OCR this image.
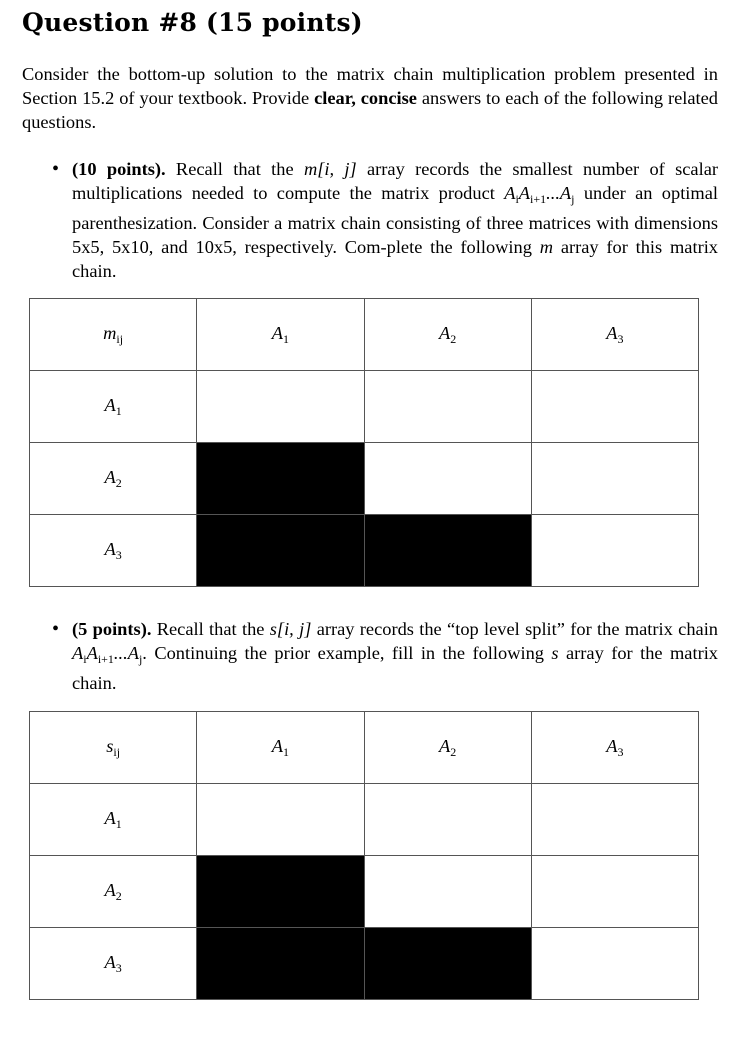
Question #8 (15 points)

Consider the bottom-up solution to the matrix chain multiplication problem presented in Section 15.2 of your textbook. Provide clear, concise answers to each of the following related questions.

• (10 points). Recall that the m[i, j] array records the smallest number of scalar multiplications needed to compute the matrix product $A_iA_{i+1}...A_j$ under an optimal parenthesization. Consider a matrix chain consisting of three matrices with dimensions 5x5, 5x10, and 10x5, respectively. Com-plete the following m array for this matrix chain.

$m_{ij}$	$A_1$	$A_2$	$A_3$
$A_1$			
$A_2$			
$A_3$			
• (5 points). Recall that the s[i, j] array records the “top level split” for the matrix chain $A_iA_{i+1}...A_j$. Continuing the prior example, fill in the following s array for the matrix chain.

$s_{ij}$	$A_1$	$A_2$	$A_3$
$A_1$			
$A_2$			
$A_3$			
